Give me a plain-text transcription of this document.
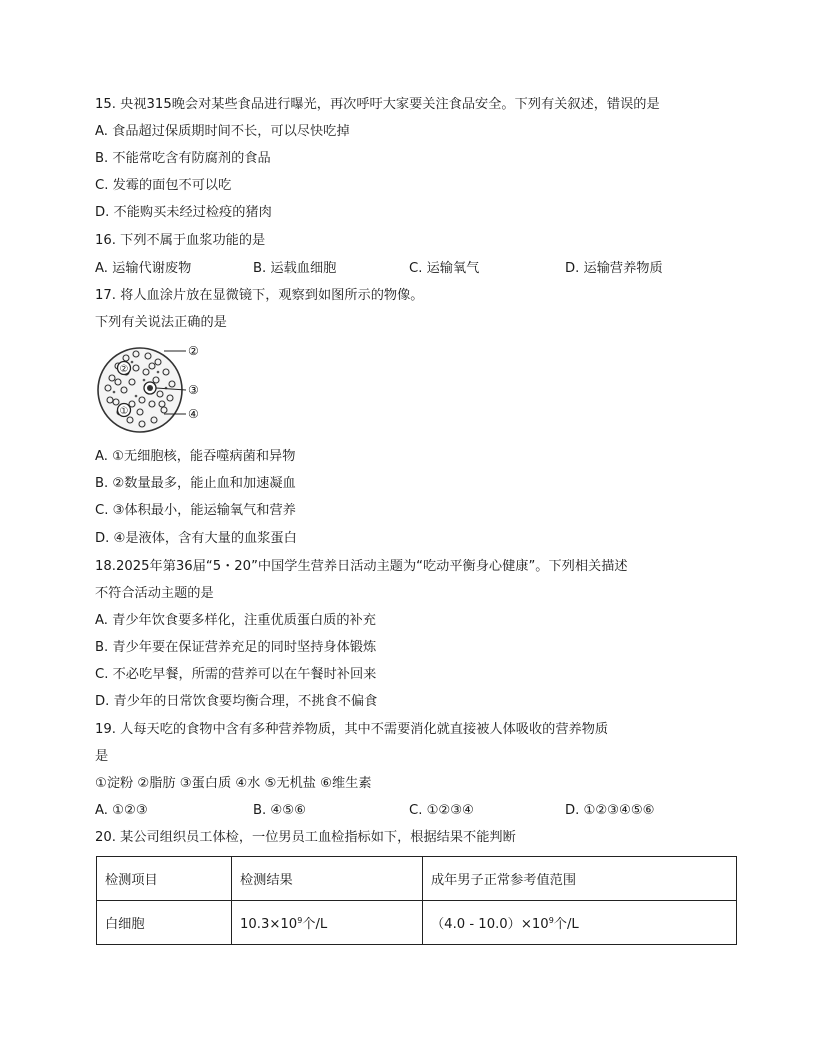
15. 央视315晚会对某些食品进行曝光，再次呼吁大家要关注食品安全。下列有关叙述，错误的是
A. 食品超过保质期时间不长，可以尽快吃掉
B. 不能常吃含有防腐剂的食品
C. 发霉的面包不可以吃
D. 不能购买未经过检疫的猪肉
16. 下列不属于血浆功能的是
A. 运输代谢废物	B. 运载血细胞	C. 运输氧气	D. 运输营养物质
17. 将人血涂片放在显微镜下，观察到如图所示的物像。
下列有关说法正确的是
②
①
②
③
④
A. ①无细胞核，能吞噬病菌和异物
B. ②数量最多，能止血和加速凝血
C. ③体积最小，能运输氧气和营养
D. ④是液体，含有大量的血浆蛋白
18.2025年第36届“5・20”中国学生营养日活动主题为“吃动平衡身心健康”。下列相关描述
不符合活动主题的是
A. 青少年饮食要多样化，注重优质蛋白质的补充
B. 青少年要在保证营养充足的同时坚持身体锻炼
C. 不必吃早餐，所需的营养可以在午餐时补回来
D. 青少年的日常饮食要均衡合理，不挑食不偏食
19. 人每天吃的食物中含有多种营养物质，其中不需要消化就直接被人体吸收的营养物质
是
①淀粉 ②脂肪 ③蛋白质 ④水 ⑤无机盐 ⑥维生素
A. ①②③	B. ④⑤⑥	C. ①②③④	D. ①②③④⑤⑥
20. 某公司组织员工体检，一位男员工血检指标如下，根据结果不能判断
检测项目	检测结果	成年男子正常参考值范围
白细胞	$10.3\times 10^9$个/L	$(4.0 - 10.0)\times 10^9$个/L
